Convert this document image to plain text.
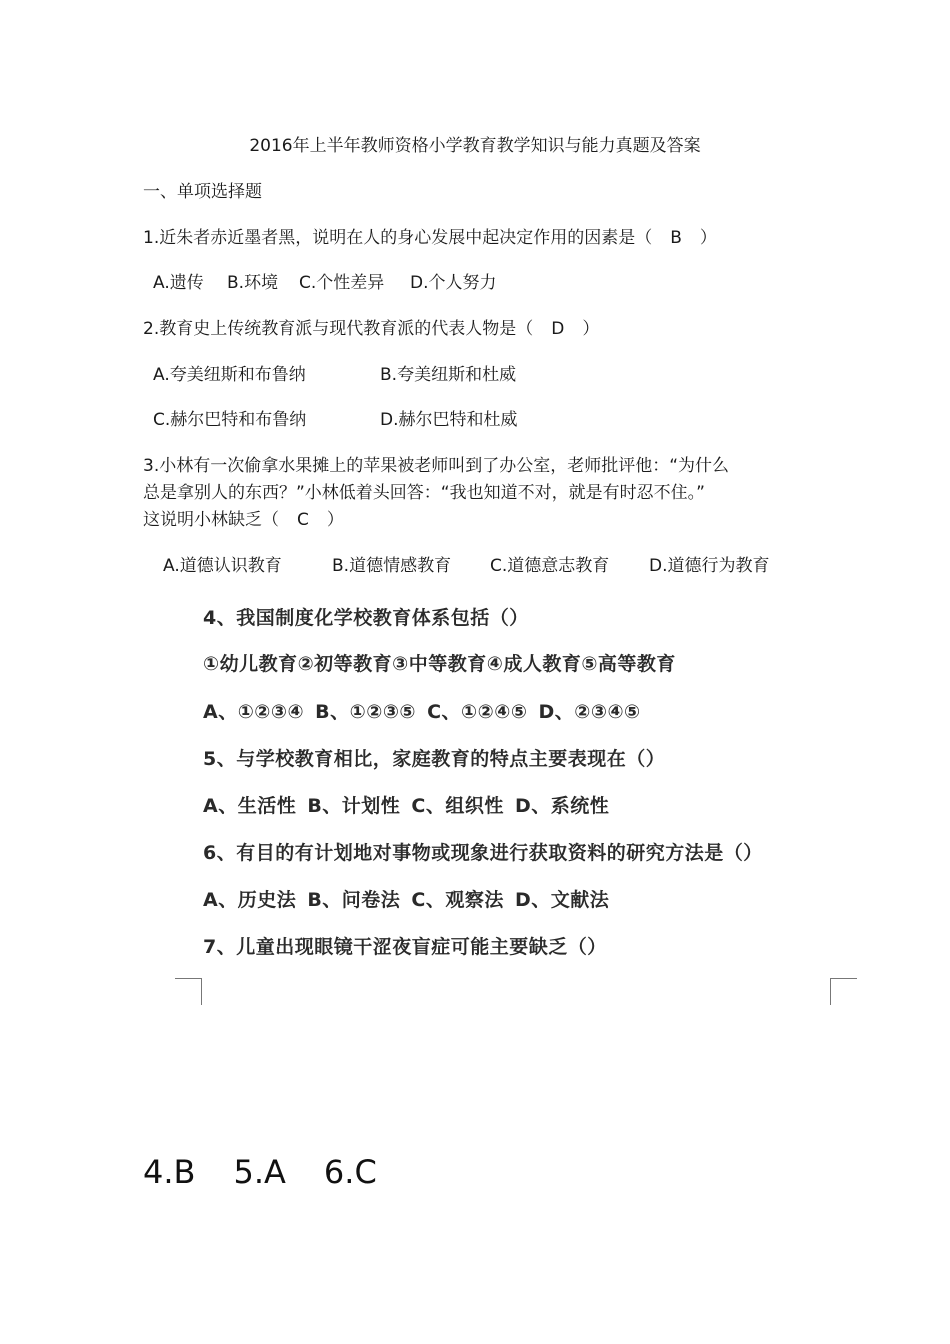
2016年上半年教师资格小学教育教学知识与能力真题及答案
一、单项选择题
1.近朱者赤近墨者黑，说明在人的身心发展中起决定作用的因素是（ B ）
A.遗传 B.环境 C.个性差异 D.个人努力
2.教育史上传统教育派与现代教育派的代表人物是（ D ）
A.夸美纽斯和布鲁纳	B.夸美纽斯和杜威
C.赫尔巴特和布鲁纳	D.赫尔巴特和杜威
3.小林有一次偷拿水果摊上的苹果被老师叫到了办公室，老师批评他：“为什么
总是拿别人的东西？”小林低着头回答：“我也知道不对，就是有时忍不住。”
这说明小林缺乏（ C ）
A.道德认识教育	B.道德情感教育 C.道德意志教育 D.道德行为教育
4、我国制度化学校教育体系包括（）
①幼儿教育②初等教育③中等教育④成人教育⑤高等教育
A、①②③④ B、①②③⑤ C、①②④⑤ D、②③④⑤
5、与学校教育相比，家庭教育的特点主要表现在（）
A、生活性 B、计划性 C、组织性 D、系统性
6、有目的有计划地对事物或现象进行获取资料的研究方法是（）
A、历史法 B、问卷法 C、观察法 D、文献法
7、儿童出现眼镜干涩夜盲症可能主要缺乏（）
4.B 5.A 6.C
